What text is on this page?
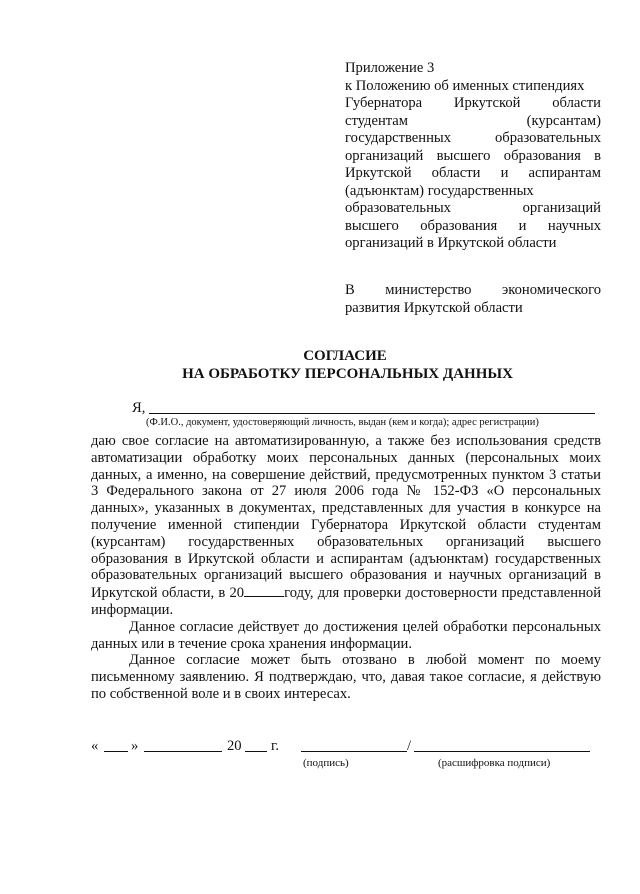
Приложение 3
к Положению об именных стипендиях
Губернатора Иркутской области
студентам (курсантам)
государственных образовательных
организаций высшего образования в
Иркутской области и аспирантам
(адъюнктам) государственных
образовательных организаций
высшего образования и научных
организаций в Иркутской области
В министерство экономического
развития Иркутской области
СОГЛАСИЕ
НА ОБРАБОТКУ ПЕРСОНАЛЬНЫХ ДАННЫХ
Я,
(Ф.И.О., документ, удостоверяющий личность, выдан (кем и когда); адрес регистрации)

даю свое согласие на автоматизированную, а также без использования средств автоматизации обработку моих персональных данных (персональных моих данных, а именно, на совершение действий, предусмотренных пунктом 3 статьи 3 Федерального закона от 27 июля 2006 года № 152-ФЗ «О персональных данных», указанных в документах, представленных для участия в конкурсе на получение именной стипендии Губернатора Иркутской области студентам (курсантам) государственных образовательных организаций высшего образования в Иркутской области и аспирантам (адъюнктам) государственных образовательных организаций высшего образования и научных организаций в Иркутской области, в 20	году, для проверки достоверности представленной информации.

Данное согласие действует до достижения целей обработки персональных данных или в течение срока хранения информации.

Данное согласие может быть отозвано в любой момент по моему письменному заявлению. Я подтверждаю, что, давая такое согласие, я действую по собственной воле и в своих интересах.

« »	20 г.	/
(подпись)	(расшифровка подписи)
